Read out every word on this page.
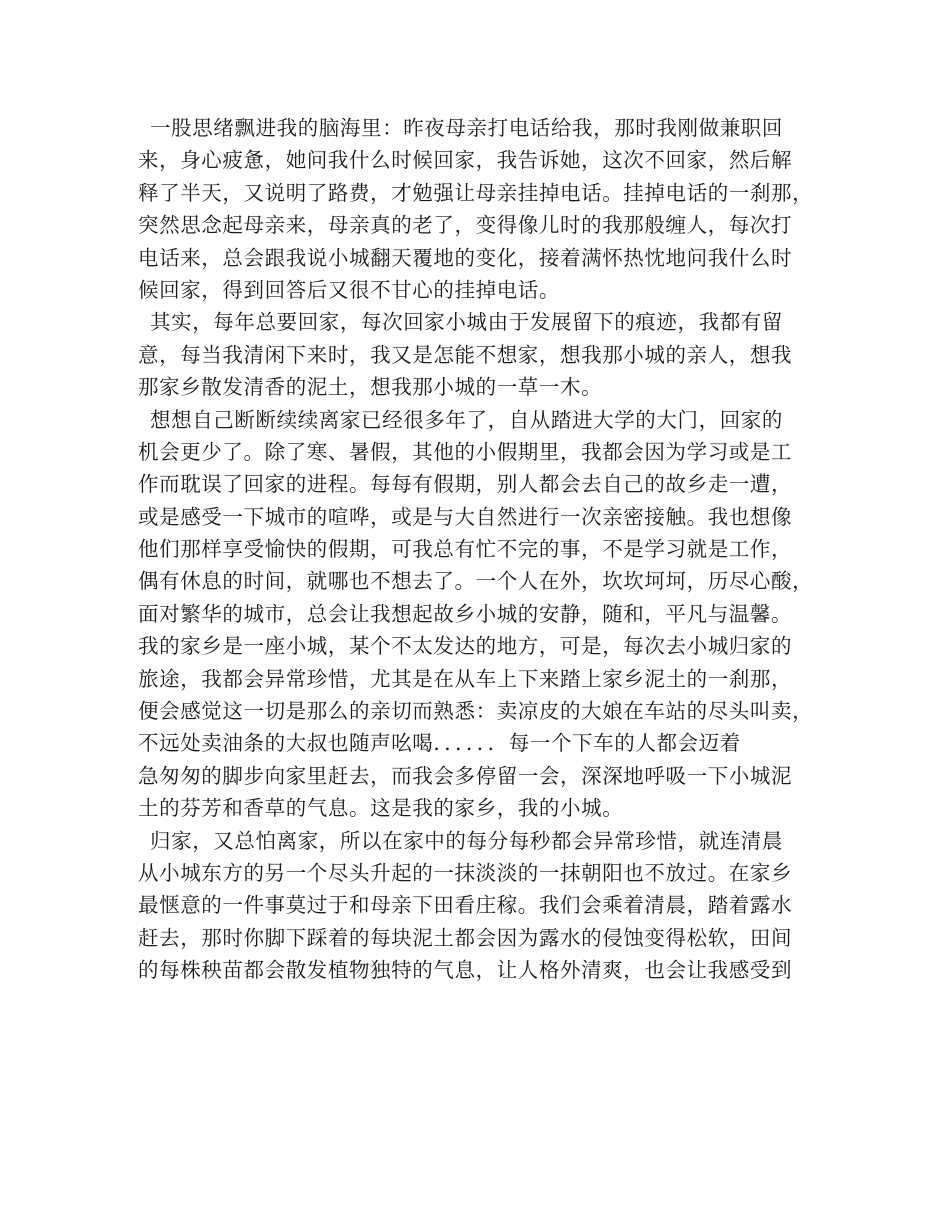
一股思绪飘进我的脑海里：昨夜母亲打电话给我，那时我刚做兼职回
来，身心疲惫，她问我什么时候回家，我告诉她，这次不回家，然后解
释了半天，又说明了路费，才勉强让母亲挂掉电话。挂掉电话的一刹那，
突然思念起母亲来，母亲真的老了，变得像儿时的我那般缠人，每次打
电话来，总会跟我说小城翻天覆地的变化，接着满怀热忱地问我什么时
候回家，得到回答后又很不甘心的挂掉电话。
其实，每年总要回家，每次回家小城由于发展留下的痕迹，我都有留
意，每当我清闲下来时，我又是怎能不想家，想我那小城的亲人，想我
那家乡散发清香的泥土，想我那小城的一草一木。
想想自己断断续续离家已经很多年了，自从踏进大学的大门，回家的
机会更少了。除了寒、暑假，其他的小假期里，我都会因为学习或是工
作而耽误了回家的进程。每每有假期，别人都会去自己的故乡走一遭，
或是感受一下城市的喧哗，或是与大自然进行一次亲密接触。我也想像
他们那样享受愉快的假期，可我总有忙不完的事，不是学习就是工作，
偶有休息的时间，就哪也不想去了。一个人在外，坎坎坷坷，历尽心酸，
面对繁华的城市，总会让我想起故乡小城的安静，随和，平凡与温馨。
我的家乡是一座小城，某个不太发达的地方，可是，每次去小城归家的
旅途，我都会异常珍惜，尤其是在从车上下来踏上家乡泥土的一刹那，
便会感觉这一切是那么的亲切而熟悉：卖凉皮的大娘在车站的尽头叫卖，
不远处卖油条的大叔也随声吆喝．．．．．．每一个下车的人都会迈着
急匆匆的脚步向家里赶去，而我会多停留一会，深深地呼吸一下小城泥
土的芬芳和香草的气息。这是我的家乡，我的小城。
归家，又总怕离家，所以在家中的每分每秒都会异常珍惜，就连清晨
从小城东方的另一个尽头升起的一抹淡淡的一抹朝阳也不放过。在家乡
最惬意的一件事莫过于和母亲下田看庄稼。我们会乘着清晨，踏着露水
赶去，那时你脚下踩着的每块泥土都会因为露水的侵蚀变得松软，田间
的每株秧苗都会散发植物独特的气息，让人格外清爽，也会让我感受到
